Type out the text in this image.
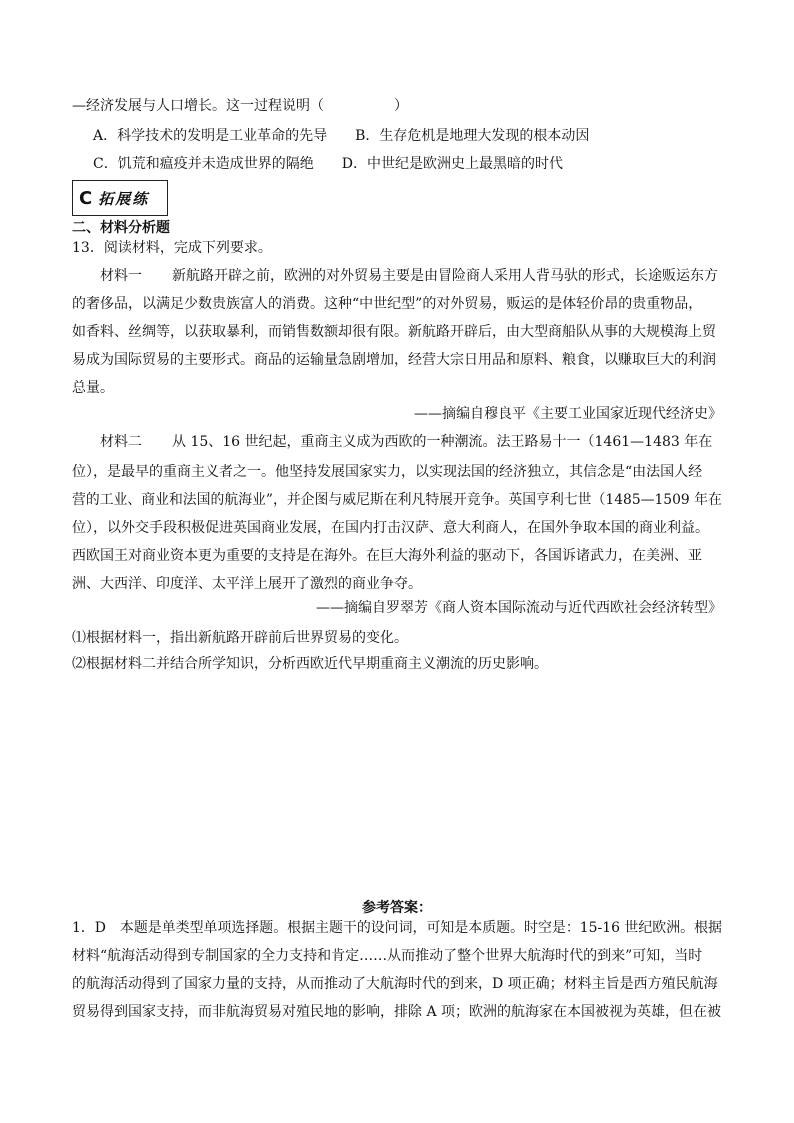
—经济发展与人口增长。这一过程说明（　　　　　）
A．科学技术的发明是工业革命的先导 B．生存危机是地理大发现的根本动因
C．饥荒和瘟疫并未造成世界的隔绝 D．中世纪是欧洲史上最黑暗的时代
C 拓展练
二、材料分析题
13．阅读材料，完成下列要求。
材料一 新航路开辟之前，欧洲的对外贸易主要是由冒险商人采用人背马驮的形式，长途贩运东方
的奢侈品，以满足少数贵族富人的消费。这种“中世纪型”的对外贸易，贩运的是体轻价昂的贵重物品，
如香料、丝绸等，以获取暴利，而销售数额却很有限。新航路开辟后，由大型商船队从事的大规模海上贸
易成为国际贸易的主要形式。商品的运输量急剧增加，经营大宗日用品和原料、粮食，以赚取巨大的利润
总量。
——摘编自穆良平《主要工业国家近现代经济史》
材料二 从 15、16 世纪起，重商主义成为西欧的一种潮流。法王路易十一（1461—1483 年在
位），是最早的重商主义者之一。他坚持发展国家实力，以实现法国的经济独立，其信念是“由法国人经
营的工业、商业和法国的航海业”，并企图与威尼斯在利凡特展开竞争。英国亨利七世（1485—1509 年在
位），以外交手段积极促进英国商业发展，在国内打击汉萨、意大利商人，在国外争取本国的商业利益。
西欧国王对商业资本更为重要的支持是在海外。在巨大海外利益的驱动下，各国诉诸武力，在美洲、亚
洲、大西洋、印度洋、太平洋上展开了激烈的商业争夺。
——摘编自罗翠芳《商人资本国际流动与近代西欧社会经济转型》
⑴根据材料一，指出新航路开辟前后世界贸易的变化。
⑵根据材料二并结合所学知识，分析西欧近代早期重商主义潮流的历史影响。
参考答案：
1．D　本题是单类型单项选择题。根据主题干的设问词，可知是本质题。时空是：15-16 世纪欧洲。根据
材料“航海活动得到专制国家的全力支持和肯定……从而推动了整个世界大航海时代的到来”可知，当时
的航海活动得到了国家力量的支持，从而推动了大航海时代的到来，D 项正确；材料主旨是西方殖民航海
贸易得到国家支持，而非航海贸易对殖民地的影响，排除 A 项；欧洲的航海家在本国被视为英雄，但在被
